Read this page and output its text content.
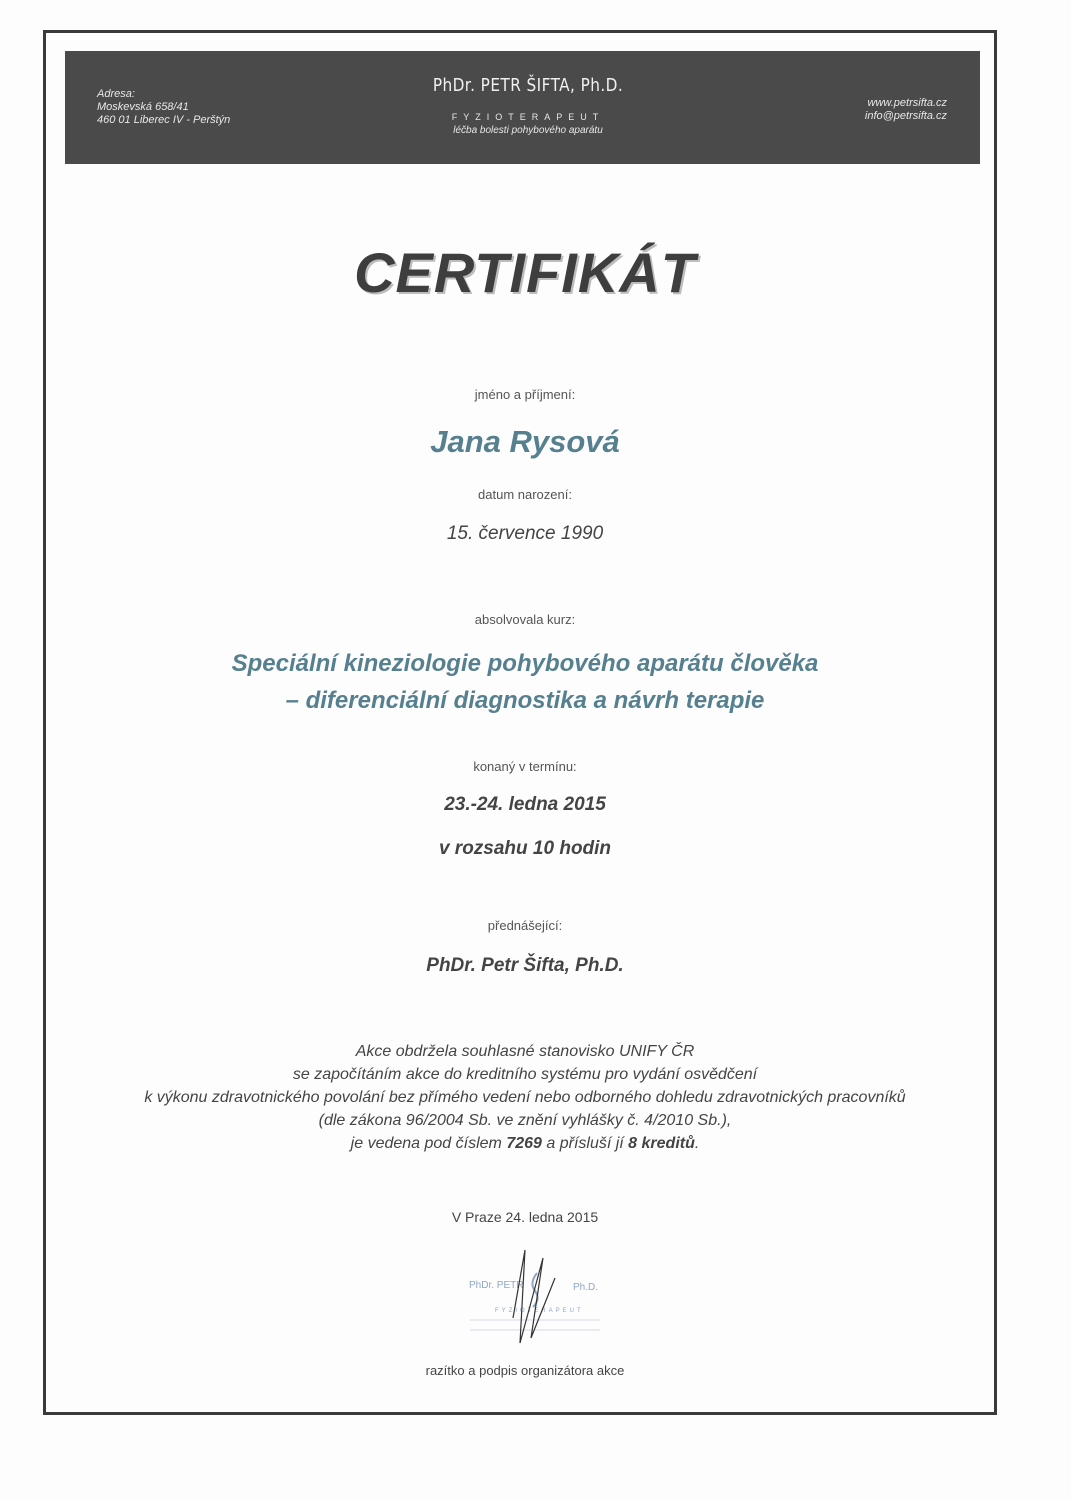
Adresa:
Moskevská 658/41
460 01 Liberec IV - Perštýn
PhDr. PETR ŠIFTA, Ph.D.
FYZIOTERAPEUT
léčba bolesti pohybového aparátu
www.petrsifta.cz
info@petrsifta.cz
CERTIFIKÁT
jméno a příjmení:
Jana Rysová
datum narození:
15. července 1990
absolvovala kurz:
Speciální kineziologie pohybového aparátu člověka
– diferenciální diagnostika a návrh terapie
konaný v termínu:
23.-24. ledna 2015
v rozsahu 10 hodin
přednášející:
PhDr. Petr Šifta, Ph.D.
Akce obdržela souhlasné stanovisko UNIFY ČR
se započítáním akce do kreditního systému pro vydání osvědčení
k výkonu zdravotnického povolání bez přímého vedení nebo odborného dohledu zdravotnických pracovníků
(dle zákona 96/2004 Sb. ve znění vyhlášky č. 4/2010 Sb.),
je vedena pod číslem 7269 a přísluší jí 8 kreditů.
V Praze 24. ledna 2015
PhDr. PETR	Ph.D.
FYZIOTERAPEUT
razítko a podpis organizátora akce
